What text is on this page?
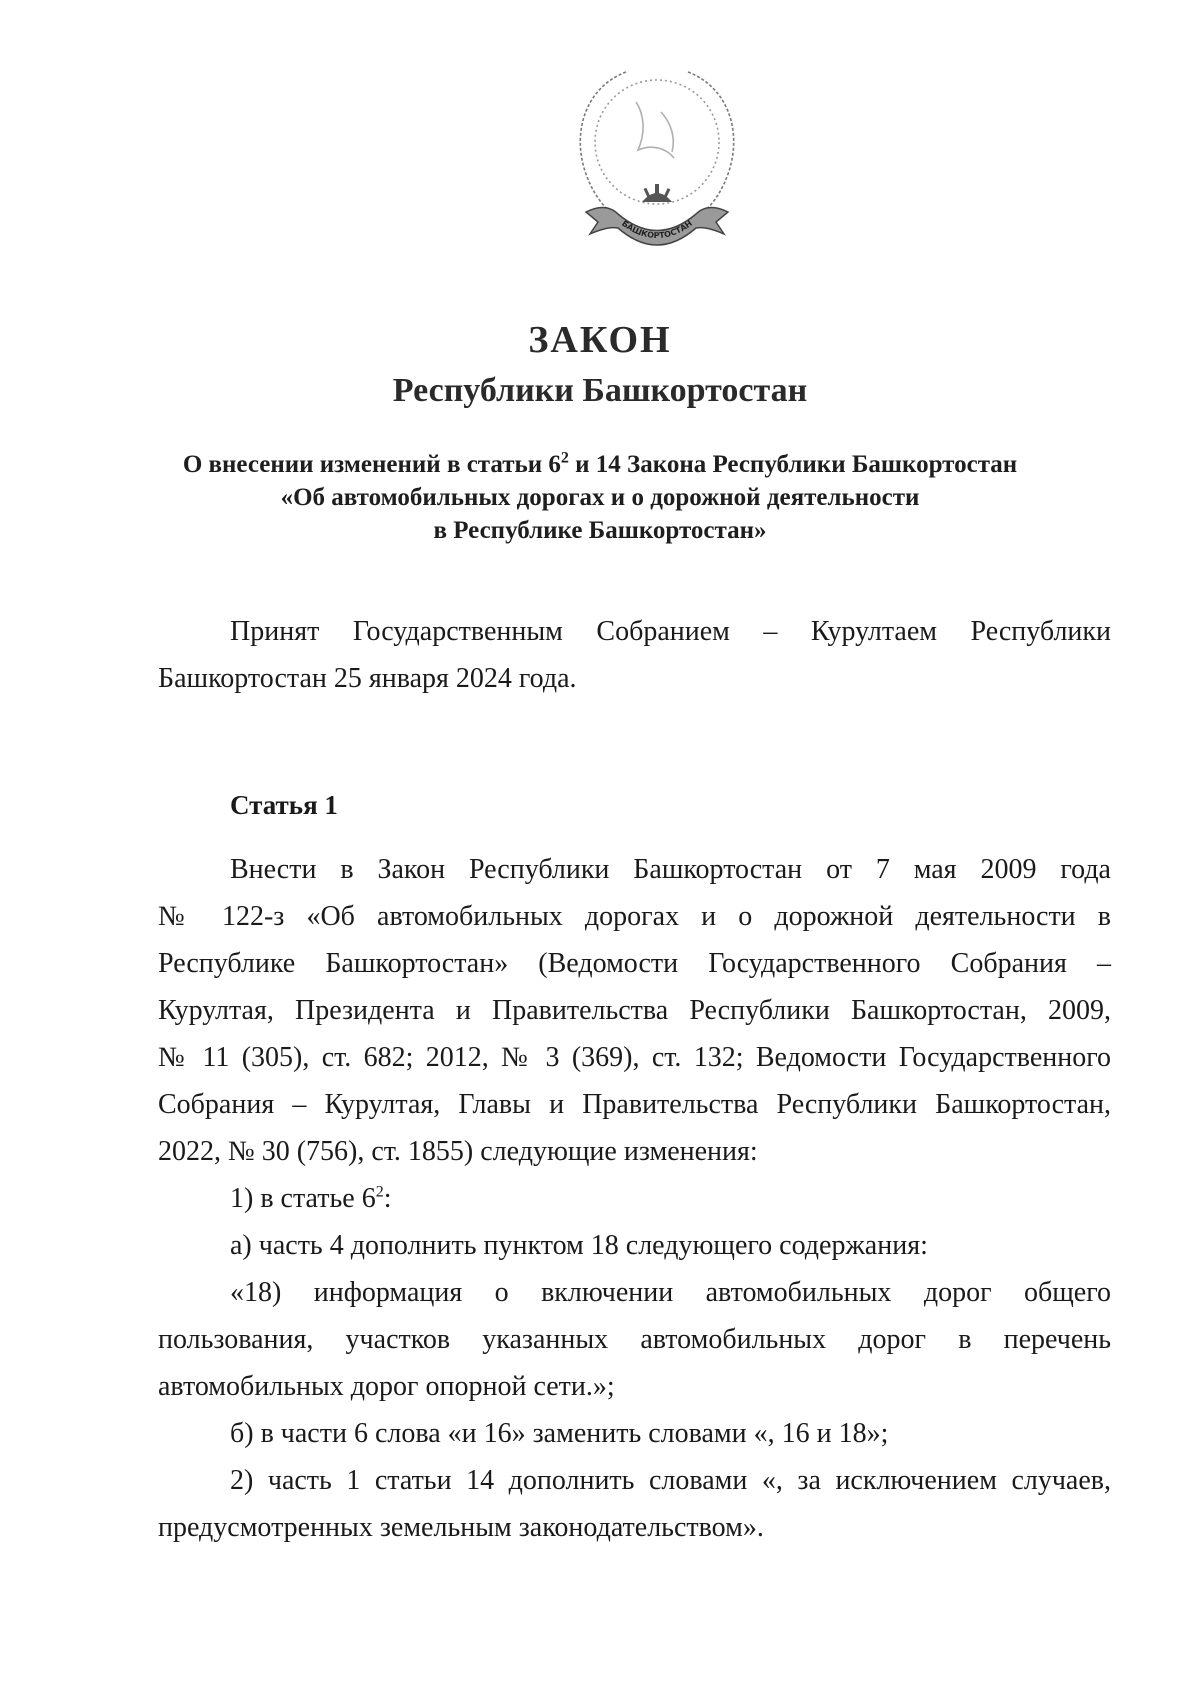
БАШКОРТОСТАН
ЗАКОН
Республики Башкортостан
О внесении изменений в статьи $6^2$ и 14 Закона Республики Башкортостан
«Об автомобильных дорогах и о дорожной деятельности
в Республике Башкортостан»
Принят Государственным Собранием – Курултаем Республики
Башкортостан 25 января 2024 года.
Статья 1
Внести в Закон Республики Башкортостан от 7 мая 2009 года
№ 122-з «Об автомобильных дорогах и о дорожной деятельности в
Республике Башкортостан» (Ведомости Государственного Собрания –
Курултая, Президента и Правительства Республики Башкортостан, 2009,
№ 11 (305), ст. 682; 2012, № 3 (369), ст. 132; Ведомости Государственного
Собрания – Курултая, Главы и Правительства Республики Башкортостан,
2022, № 30 (756), ст. 1855) следующие изменения:
1) в статье $6^2$:
а) часть 4 дополнить пунктом 18 следующего содержания:
«18) информация о включении автомобильных дорог общего
пользования, участков указанных автомобильных дорог в перечень
автомобильных дорог опорной сети.»;
б) в части 6 слова «и 16» заменить словами «, 16 и 18»;
2) часть 1 статьи 14 дополнить словами «, за исключением случаев,
предусмотренных земельным законодательством».
